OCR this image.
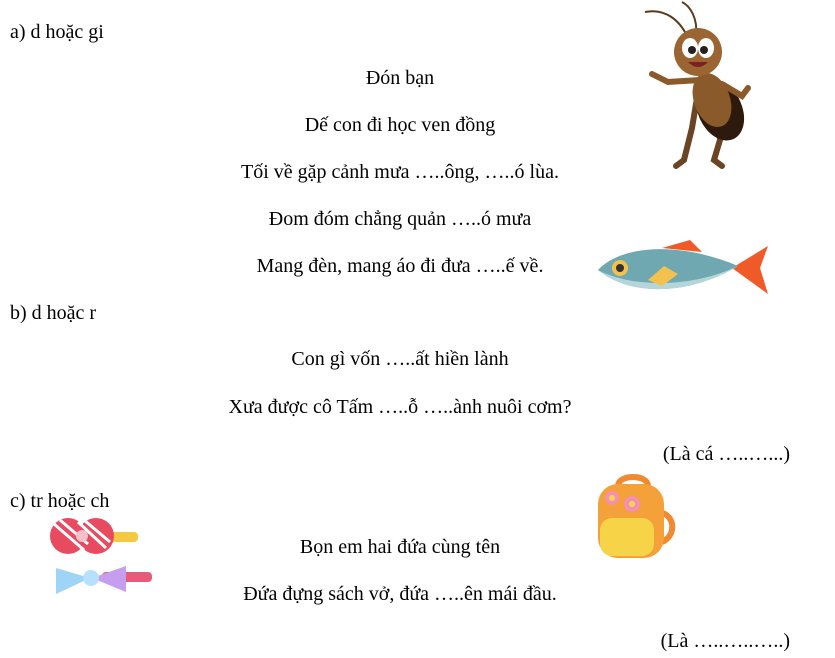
a) d hoặc gi
Đón bạn
Dế con đi học ven đồng
Tối về gặp cảnh mưa …..ông, …..ó lùa.
Đom đóm chẳng quản …..ó mưa
Mang đèn, mang áo đi đưa …..ế về.
b) d hoặc r
Con gì vốn …..ất hiền lành
Xưa được cô Tấm …..ỗ …..ành nuôi cơm?
(Là cá …..…...)
c) tr hoặc ch
Bọn em hai đứa cùng tên
Đứa đựng sách vở, đứa …..ên mái đầu.
(Là …..…..…..)
